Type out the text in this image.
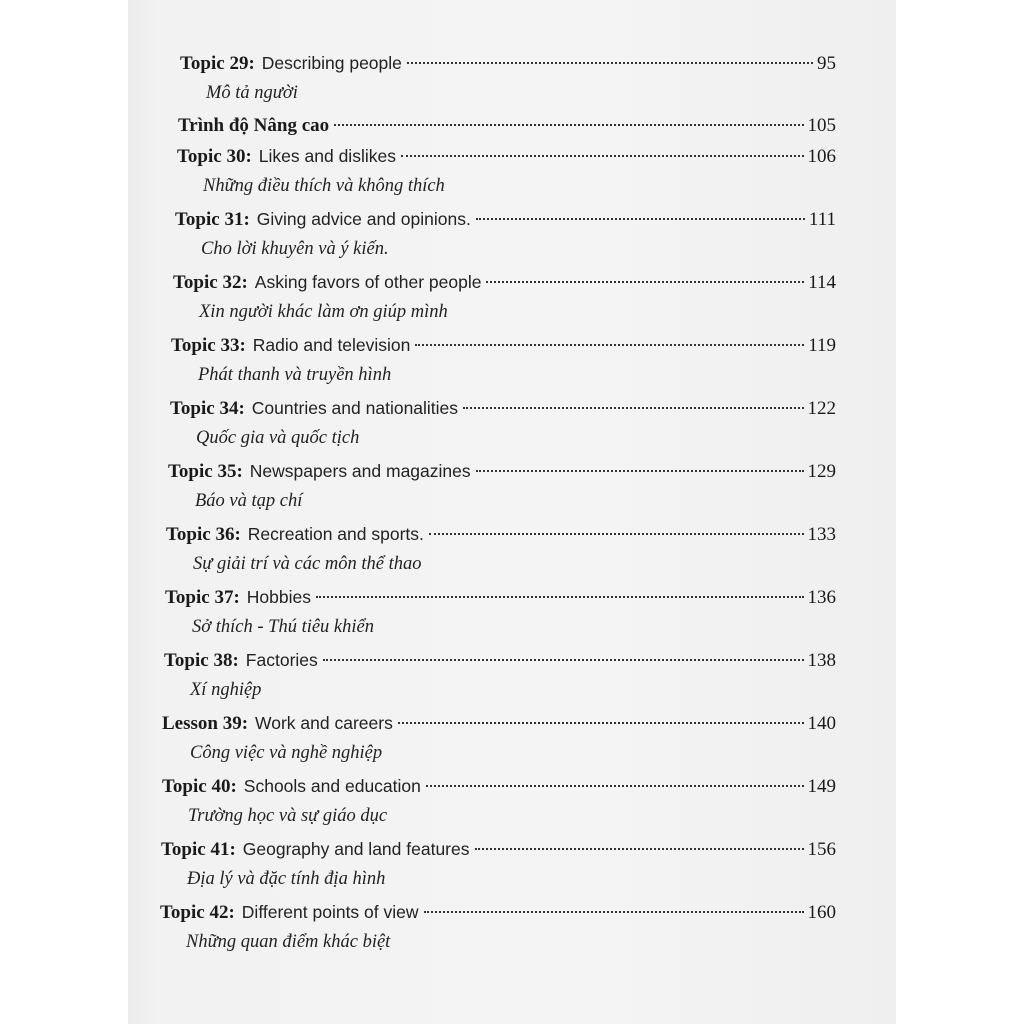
Topic 29: Describing people	95
Mô tả người
Trình độ Nâng cao	105
Topic 30: Likes and dislikes	106
Những điều thích và không thích
Topic 31: Giving advice and opinions.	111
Cho lời khuyên và ý kiến.
Topic 32: Asking favors of other people	114
Xin người khác làm ơn giúp mình
Topic 33: Radio and television	119
Phát thanh và truyền hình
Topic 34: Countries and nationalities	122
Quốc gia và quốc tịch
Topic 35: Newspapers and magazines	129
Báo và tạp chí
Topic 36: Recreation and sports.	133
Sự giải trí và các môn thể thao
Topic 37: Hobbies	136
Sở thích - Thú tiêu khiển
Topic 38: Factories	138
Xí nghiệp
Lesson 39: Work and careers	140
Công việc và nghề nghiệp
Topic 40: Schools and education	149
Trường học và sự giáo dục
Topic 41: Geography and land features	156
Địa lý và đặc tính địa hình
Topic 42: Different points of view	160
Những quan điểm khác biệt
